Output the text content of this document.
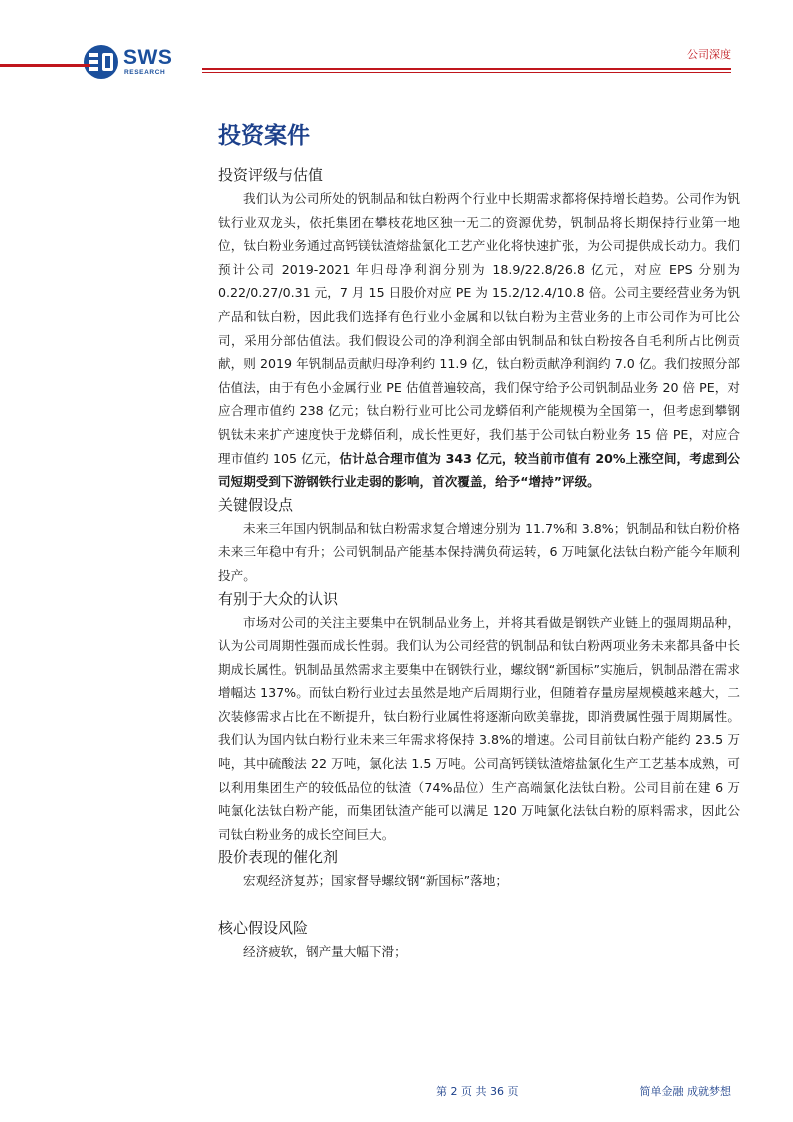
SWS
RESEARCH
公司深度
投资案件
投资评级与估值

我们认为公司所处的钒制品和钛白粉两个行业中长期需求都将保持增长趋势。公司作为钒钛行业双龙头，依托集团在攀枝花地区独一无二的资源优势，钒制品将长期保持行业第一地位，钛白粉业务通过高钙镁钛渣熔盐氯化工艺产业化将快速扩张，为公司提供成长动力。我们预计公司 2019-2021 年归母净利润分别为 18.9/22.8/26.8 亿元，对应 EPS 分别为 0.22/0.27/0.31 元，7 月 15 日股价对应 PE 为 15.2/12.4/10.8 倍。公司主要经营业务为钒产品和钛白粉，因此我们选择有色行业小金属和以钛白粉为主营业务的上市公司作为可比公司，采用分部估值法。我们假设公司的净利润全部由钒制品和钛白粉按各自毛利所占比例贡献，则 2019 年钒制品贡献归母净利约 11.9 亿，钛白粉贡献净利润约 7.0 亿。我们按照分部估值法，由于有色小金属行业 PE 估值普遍较高，我们保守给予公司钒制品业务 20 倍 PE，对应合理市值约 238 亿元；钛白粉行业可比公司龙蟒佰利产能规模为全国第一，但考虑到攀钢钒钛未来扩产速度快于龙蟒佰利，成长性更好，我们基于公司钛白粉业务 15 倍 PE，对应合理市值约 105 亿元，估计总合理市值为 343 亿元，较当前市值有 20%上涨空间，考虑到公司短期受到下游钢铁行业走弱的影响，首次覆盖，给予“增持”评级。

关键假设点

未来三年国内钒制品和钛白粉需求复合增速分别为 11.7%和 3.8%；钒制品和钛白粉价格未来三年稳中有升；公司钒制品产能基本保持满负荷运转，6 万吨氯化法钛白粉产能今年顺利投产。

有别于大众的认识

市场对公司的关注主要集中在钒制品业务上，并将其看做是钢铁产业链上的强周期品种，认为公司周期性强而成长性弱。我们认为公司经营的钒制品和钛白粉两项业务未来都具备中长期成长属性。钒制品虽然需求主要集中在钢铁行业，螺纹钢“新国标”实施后，钒制品潜在需求增幅达 137%。而钛白粉行业过去虽然是地产后周期行业，但随着存量房屋规模越来越大，二次装修需求占比在不断提升，钛白粉行业属性将逐渐向欧美靠拢，即消费属性强于周期属性。我们认为国内钛白粉行业未来三年需求将保持 3.8%的增速。公司目前钛白粉产能约 23.5 万吨，其中硫酸法 22 万吨，氯化法 1.5 万吨。公司高钙镁钛渣熔盐氯化生产工艺基本成熟，可以利用集团生产的较低品位的钛渣（74%品位）生产高端氯化法钛白粉。公司目前在建 6 万吨氯化法钛白粉产能，而集团钛渣产能可以满足 120 万吨氯化法钛白粉的原料需求，因此公司钛白粉业务的成长空间巨大。

股价表现的催化剂

宏观经济复苏；国家督导螺纹钢“新国标”落地；

核心假设风险

经济疲软，钢产量大幅下滑；

第 2 页 共 36 页	简单金融 成就梦想
